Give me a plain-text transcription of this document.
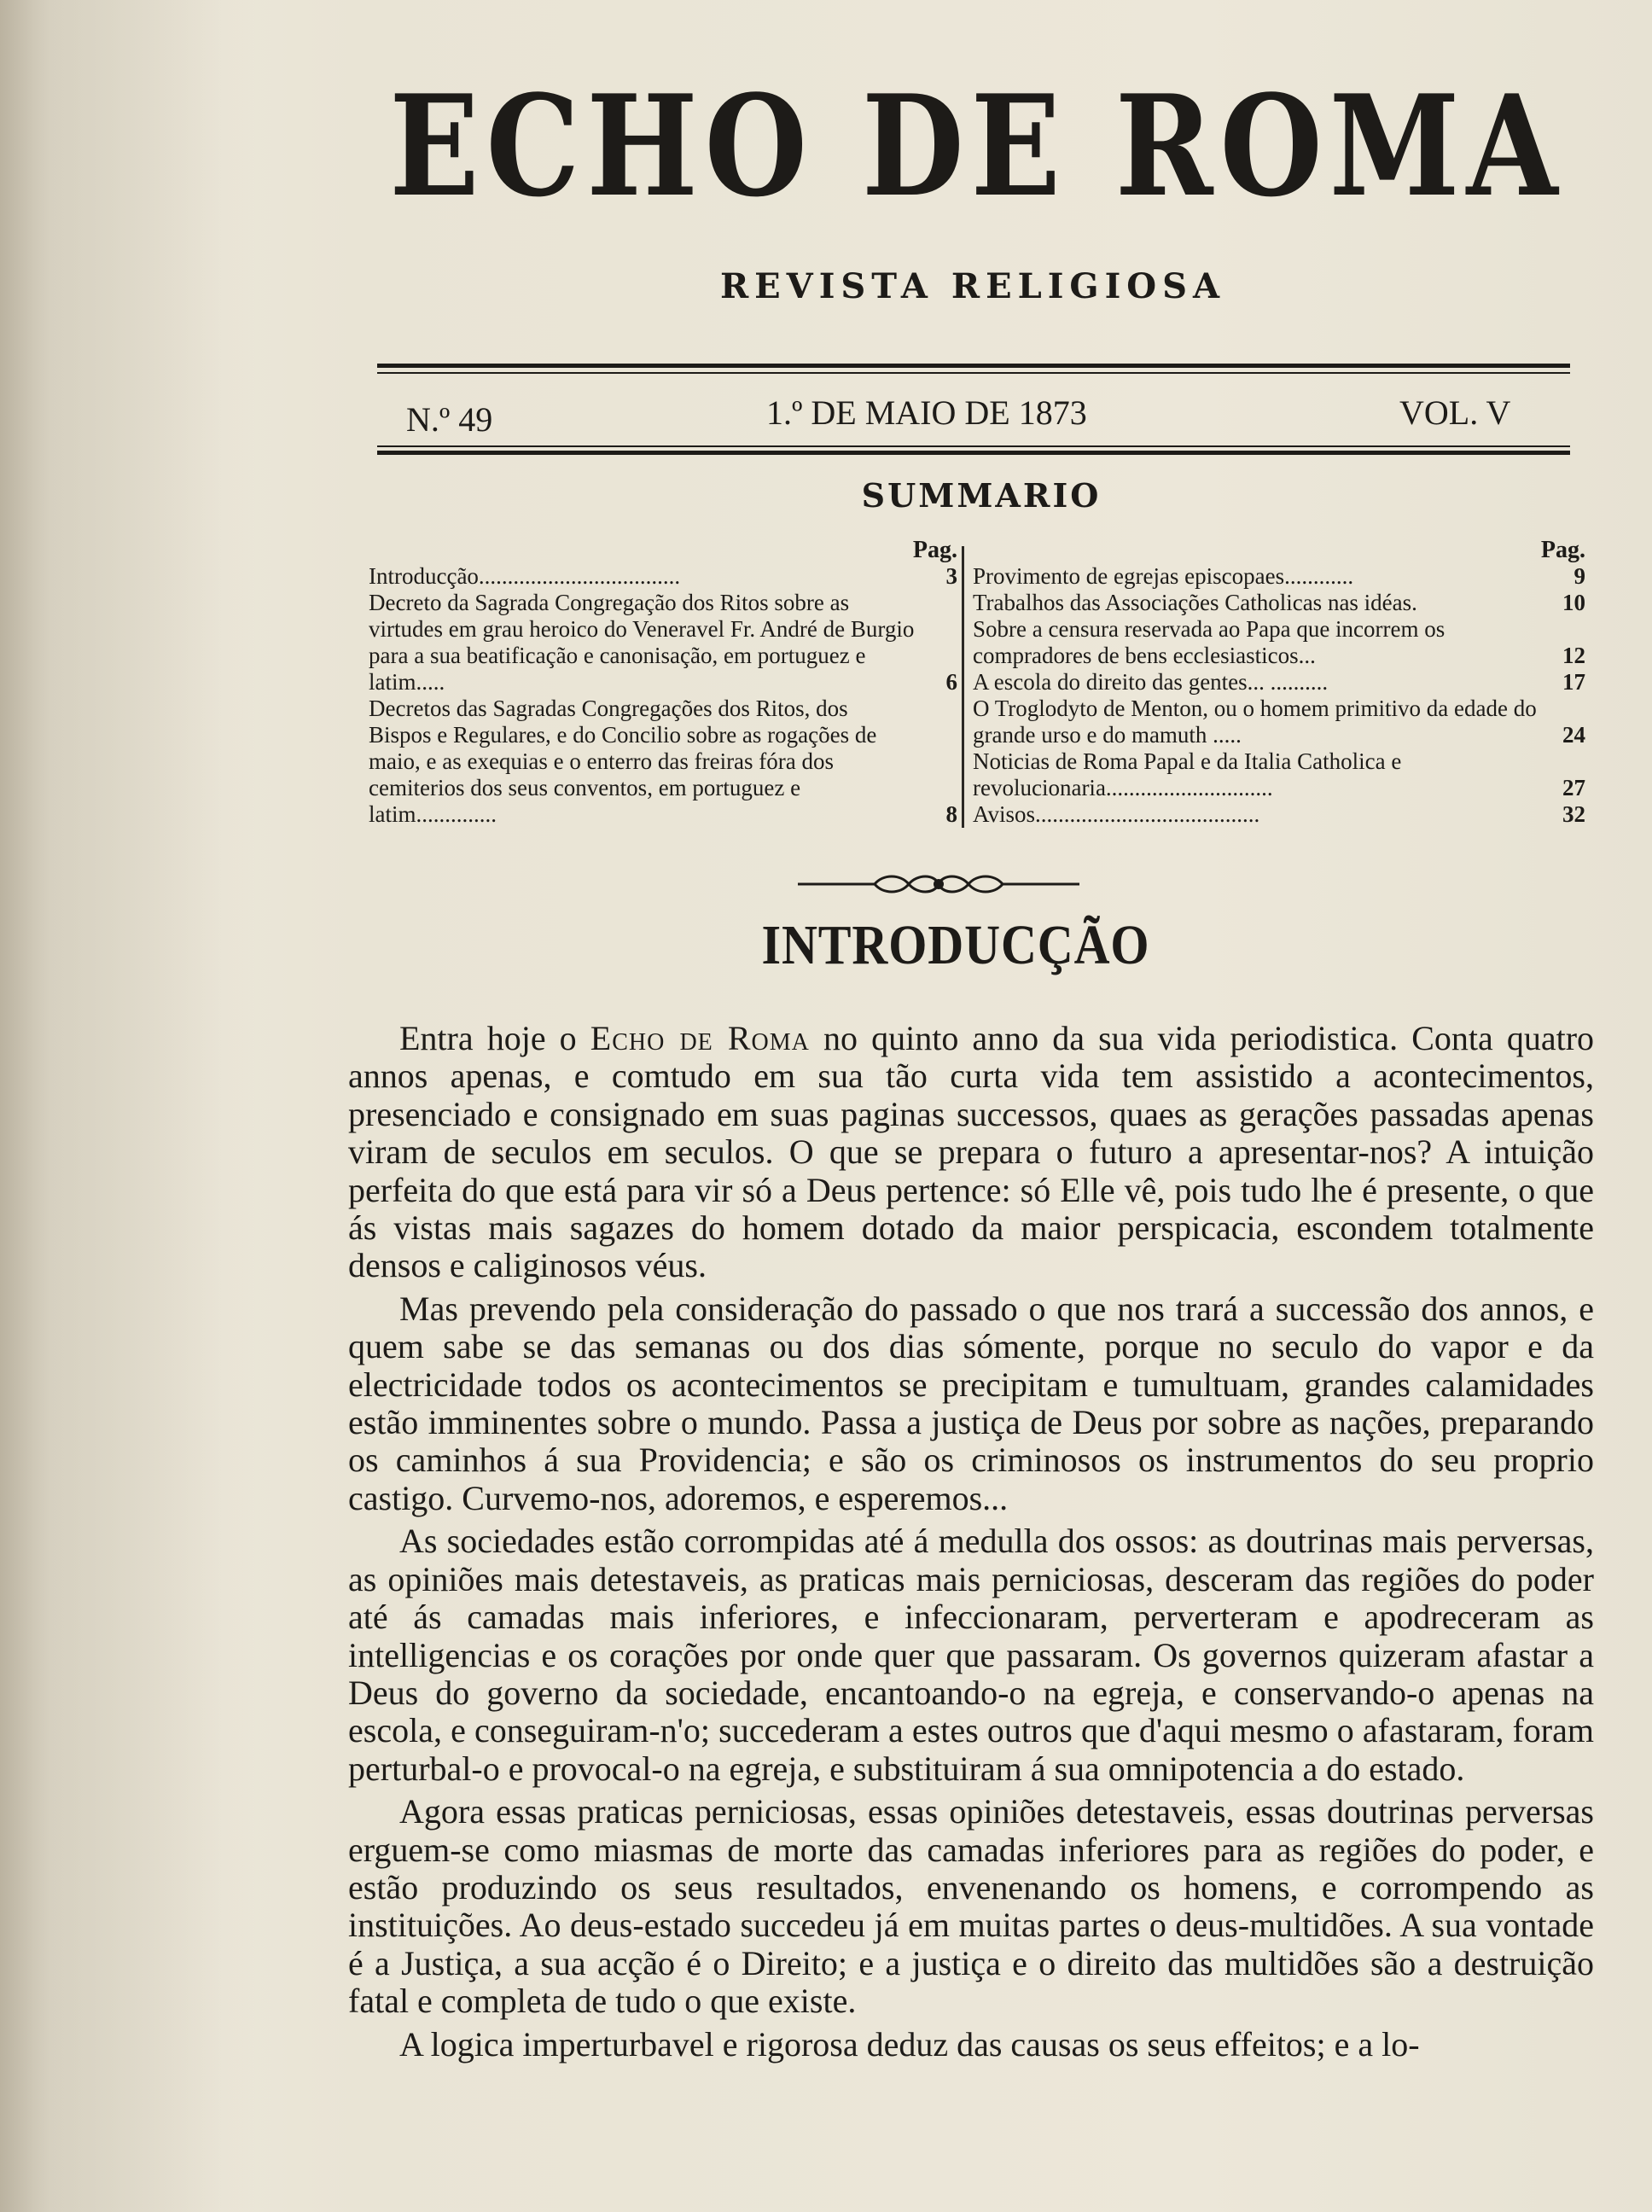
ECHO DE ROMA
REVISTA RELIGIOSA
N.º 49	1.º DE MAIO DE 1873	VOL. V
SUMMARIO
Pag.
Introducção...................................	3
Decreto da Sagrada Congregação dos Ritos sobre as virtudes em grau heroico do Veneravel Fr. André de Burgio para a sua beatificação e canonisação, em portuguez e latim.....	6
Decretos das Sagradas Congregações dos Ritos, dos Bispos e Regulares, e do Concilio sobre as rogações de maio, e as exequias e o enterro das freiras fóra dos cemiterios dos seus conventos, em portuguez e latim..............	8
Pag.
Provimento de egrejas episcopaes............	9
Trabalhos das Associações Catholicas nas idéas.	10
Sobre a censura reservada ao Papa que incorrem os compradores de bens ecclesiasticos...	12
A escola do direito das gentes... ..........	17
O Troglodyto de Menton, ou o homem primitivo da edade do grande urso e do mamuth .....	24
Noticias de Roma Papal e da Italia Catholica e revolucionaria.............................	27
Avisos.......................................	32
INTRODUCÇÃO

Entra hoje o Echo de Roma no quinto anno da sua vida periodistica. Conta quatro annos apenas, e comtudo em sua tão curta vida tem assistido a acontecimentos, presenciado e consignado em suas paginas successos, quaes as gerações passadas apenas viram de seculos em seculos. O que se prepara o futuro a apresentar-nos? A intuição perfeita do que está para vir só a Deus pertence: só Elle vê, pois tudo lhe é presente, o que ás vistas mais sagazes do homem dotado da maior perspicacia, escondem totalmente densos e caliginosos véus.

Mas prevendo pela consideração do passado o que nos trará a successão dos annos, e quem sabe se das semanas ou dos dias sómente, porque no seculo do vapor e da electricidade todos os acontecimentos se precipitam e tumultuam, grandes calamidades estão imminentes sobre o mundo. Passa a justiça de Deus por sobre as nações, preparando os caminhos á sua Providencia; e são os criminosos os instrumentos do seu proprio castigo. Curvemo-nos, adoremos, e esperemos...

As sociedades estão corrompidas até á medulla dos ossos: as doutrinas mais perversas, as opiniões mais detestaveis, as praticas mais perniciosas, desceram das regiões do poder até ás camadas mais inferiores, e infeccionaram, perverteram e apodreceram as intelligencias e os corações por onde quer que passaram. Os governos quizeram afastar a Deus do governo da sociedade, encantoando-o na egreja, e conservando-o apenas na escola, e conseguiram-n'o; succederam a estes outros que d'aqui mesmo o afastaram, foram perturbal-o e provocal-o na egreja, e substituiram á sua omnipotencia a do estado.

Agora essas praticas perniciosas, essas opiniões detestaveis, essas doutrinas perversas erguem-se como miasmas de morte das camadas inferiores para as regiões do poder, e estão produzindo os seus resultados, envenenando os homens, e corrompendo as instituições. Ao deus-estado succedeu já em muitas partes o deus-multidões. A sua vontade é a Justiça, a sua acção é o Direito; e a justiça e o direito das multidões são a destruição fatal e completa de tudo o que existe.

A logica imperturbavel e rigorosa deduz das causas os seus effeitos; e a lo-
